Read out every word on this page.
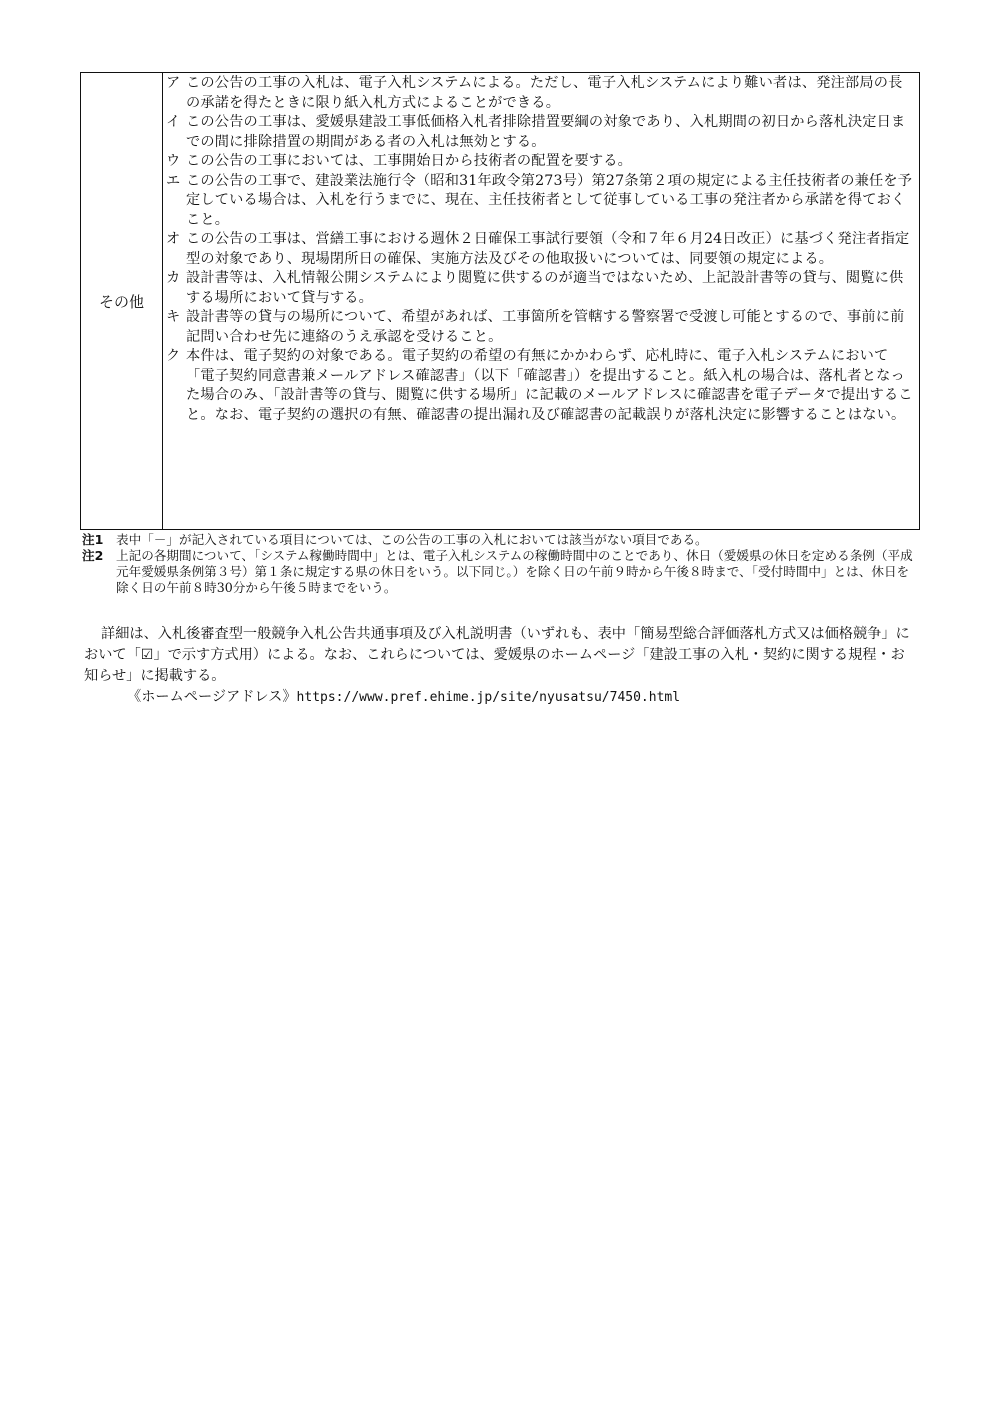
その他
ア この公告の工事の入札は、電子入札システムによる。ただし、電子入札システムにより難い者は、発注部局の長の承諾を得たときに限り紙入札方式によることができる。
イ この公告の工事は、愛媛県建設工事低価格入札者排除措置要綱の対象であり、入札期間の初日から落札決定日までの間に排除措置の期間がある者の入札は無効とする。
ウ この公告の工事においては、工事開始日から技術者の配置を要する。
エ この公告の工事で、建設業法施行令（昭和31年政令第273号）第27条第２項の規定による主任技術者の兼任を予定している場合は、入札を行うまでに、現在、主任技術者として従事している工事の発注者から承諾を得ておくこと。
オ この公告の工事は、営繕工事における週休２日確保工事試行要領（令和７年６月24日改正）に基づく発注者指定型の対象であり、現場閉所日の確保、実施方法及びその他取扱いについては、同要領の規定による。
カ 設計書等は、入札情報公開システムにより閲覧に供するのが適当ではないため、上記設計書等の貸与、閲覧に供する場所において貸与する。
キ 設計書等の貸与の場所について、希望があれば、工事箇所を管轄する警察署で受渡し可能とするので、事前に前記問い合わせ先に連絡のうえ承認を受けること。
ク 本件は、電子契約の対象である。電子契約の希望の有無にかかわらず、応札時に、電子入札システムにおいて「電子契約同意書兼メールアドレス確認書」（以下「確認書」）を提出すること。紙入札の場合は、落札者となった場合のみ、「設計書等の貸与、閲覧に供する場所」に記載のメールアドレスに確認書を電子データで提出すること。なお、電子契約の選択の有無、確認書の提出漏れ及び確認書の記載誤りが落札決定に影響することはない。
注1	表中「－」が記入されている項目については、この公告の工事の入札においては該当がない項目である。
注2	上記の各期間について、「システム稼働時間中」とは、電子入札システムの稼働時間中のことであり、休日（愛媛県の休日を定める条例（平成元年愛媛県条例第３号）第１条に規定する県の休日をいう。以下同じ。）を除く日の午前９時から午後８時まで、「受付時間中」とは、休日を除く日の午前８時30分から午後５時までをいう。

詳細は、入札後審査型一般競争入札公告共通事項及び入札説明書（いずれも、表中「簡易型総合評価落札方式又は価格競争」において「☑」で示す方式用）による。なお、これらについては、愛媛県のホームページ「建設工事の入札・契約に関する規程・お知らせ」に掲載する。

《ホームページアドレス》https://www.pref.ehime.jp/site/nyusatsu/7450.html
